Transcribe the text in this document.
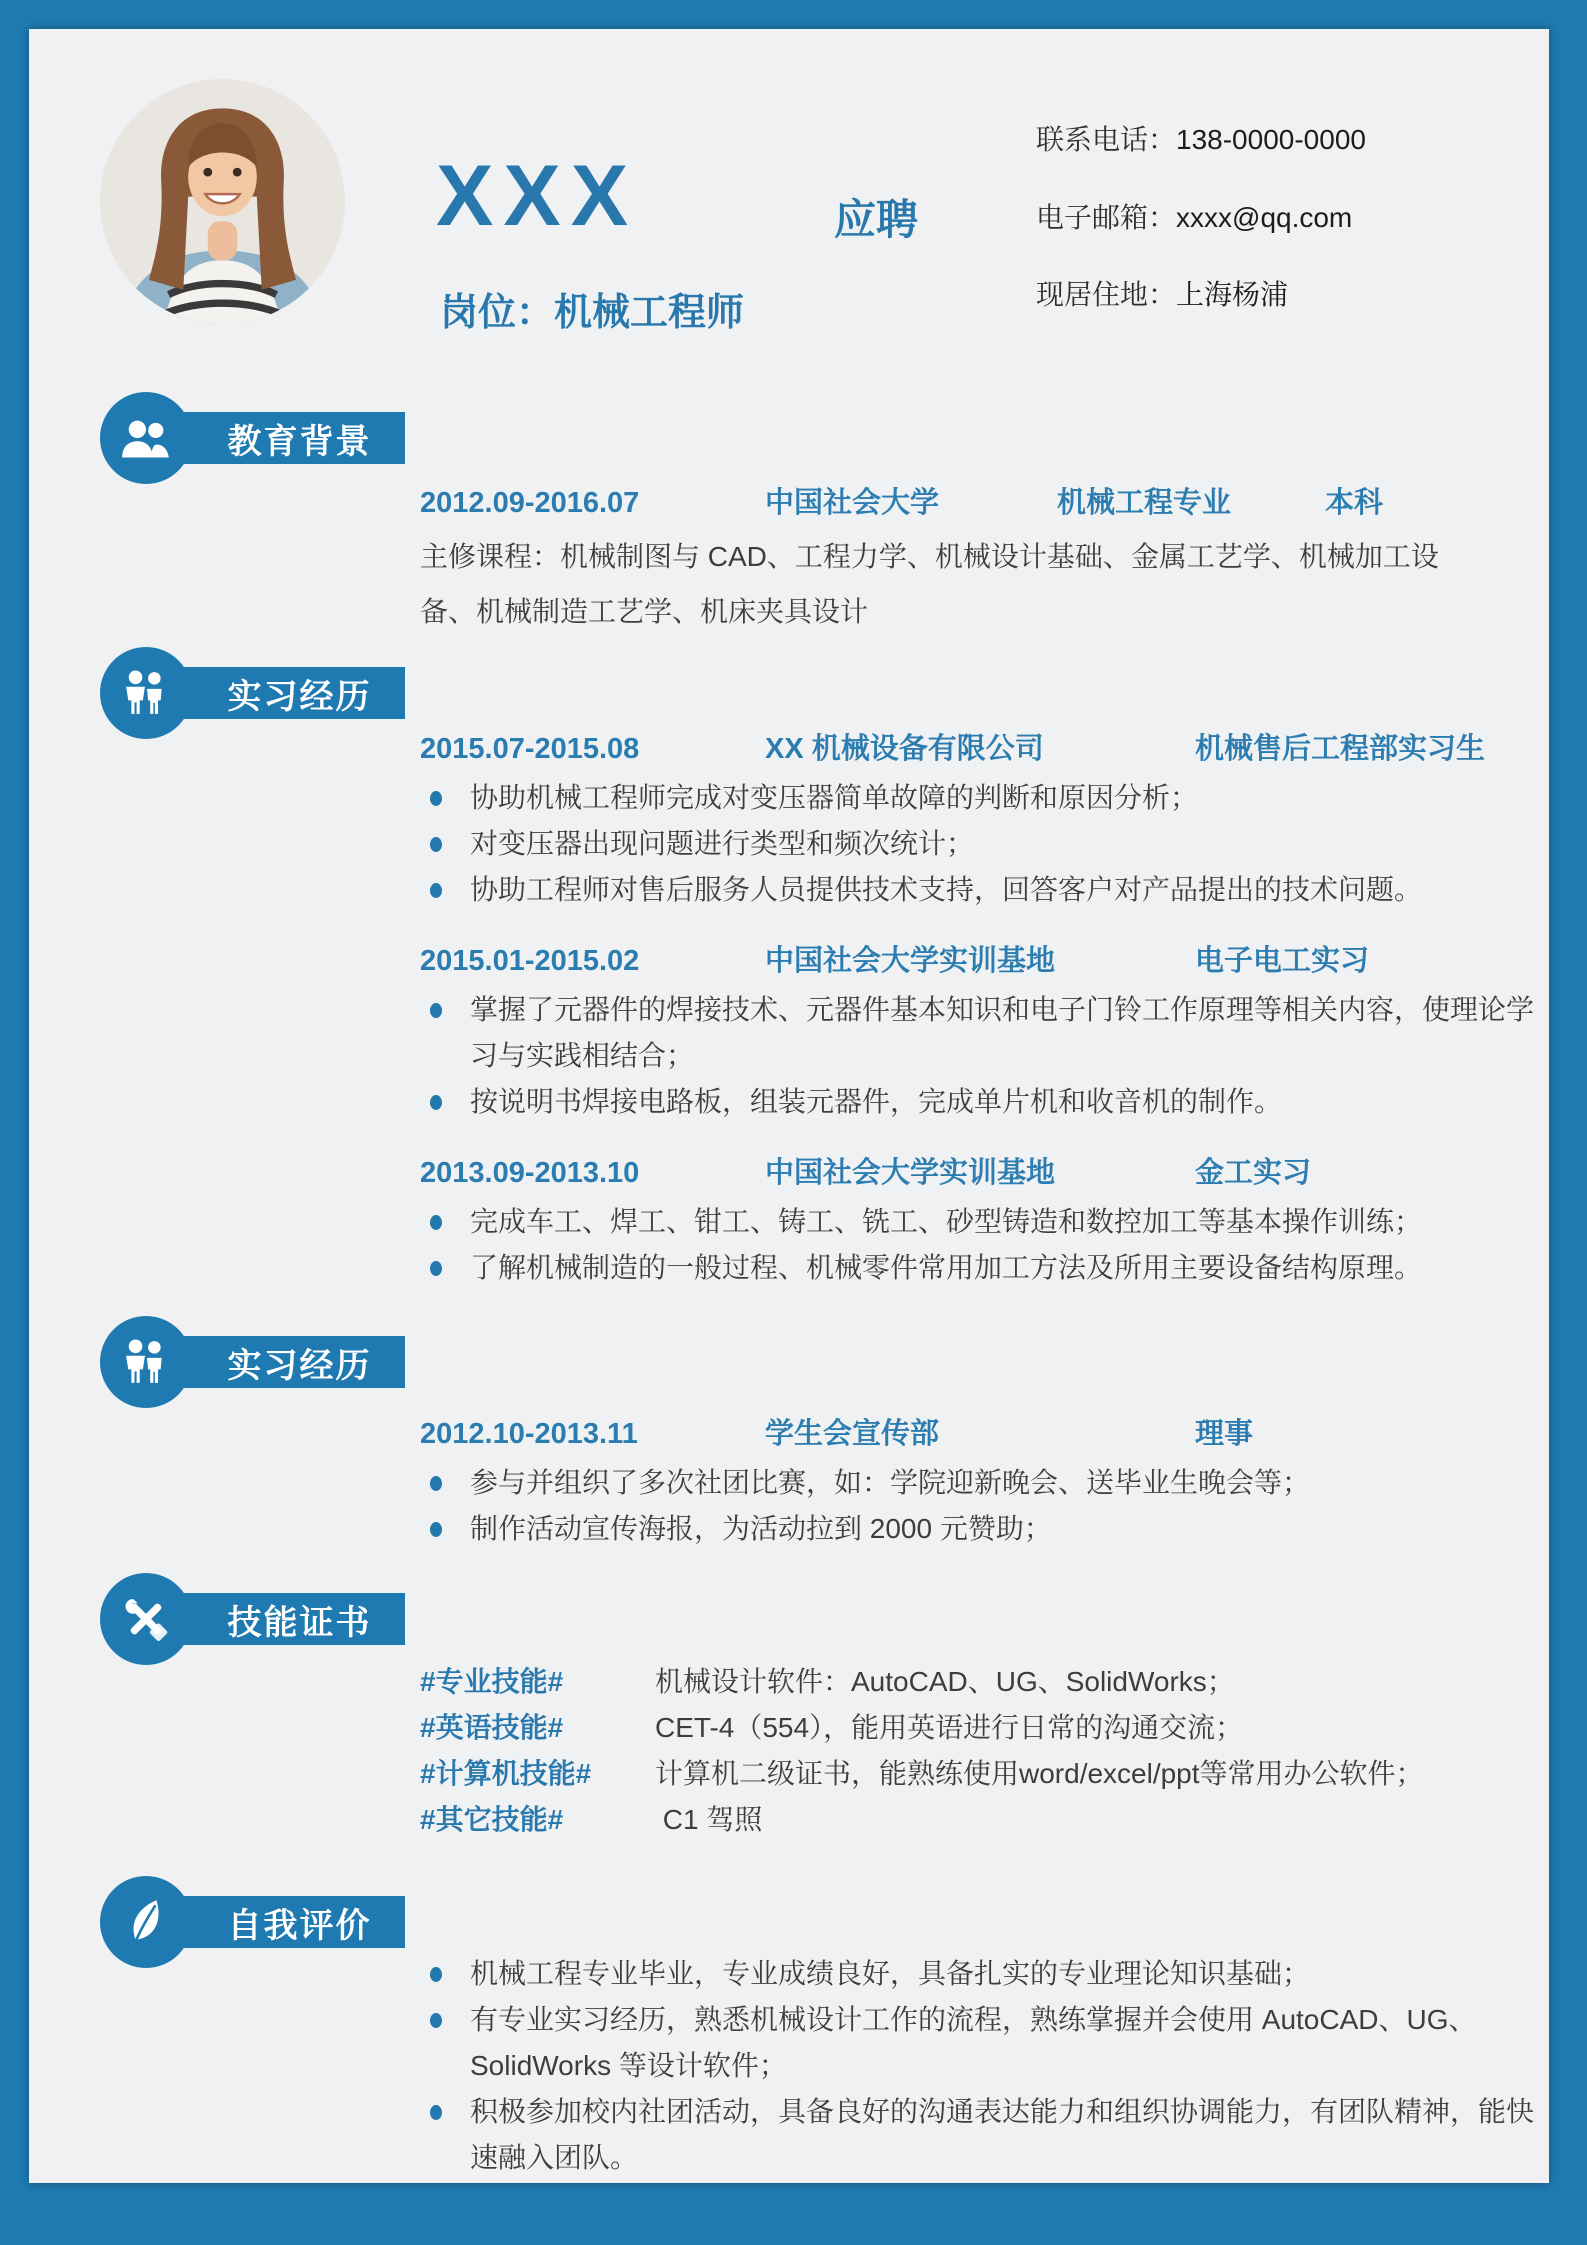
XXX	应聘
岗位：机械工程师
联系电话：138-0000-0000
电子邮箱：xxxx@qq.com
现居住地：上海杨浦
教育背景
2012.09-2016.07	中国社会大学	机械工程专业	本科

主修课程：机械制图与 CAD、工程力学、机械设计基础、金属工艺学、机械加工设备、机械制造工艺学、机床夹具设计

实习经历
2015.07-2015.08	XX 机械设备有限公司	机械售后工程部实习生
协助机械工程师完成对变压器简单故障的判断和原因分析；
对变压器出现问题进行类型和频次统计；
协助工程师对售后服务人员提供技术支持，回答客户对产品提出的技术问题。
2015.01-2015.02	中国社会大学实训基地	电子电工实习
掌握了元器件的焊接技术、元器件基本知识和电子门铃工作原理等相关内容，使理论学习与实践相结合；
按说明书焊接电路板，组装元器件，完成单片机和收音机的制作。
2013.09-2013.10	中国社会大学实训基地	金工实习
完成车工、焊工、钳工、铸工、铣工、砂型铸造和数控加工等基本操作训练；
了解机械制造的一般过程、机械零件常用加工方法及所用主要设备结构原理。
实习经历
2012.10-2013.11	学生会宣传部	理事
参与并组织了多次社团比赛，如：学院迎新晚会、送毕业生晚会等；
制作活动宣传海报，为活动拉到 2000 元赞助；
技能证书
#专业技能#	机械设计软件：AutoCAD、UG、SolidWorks；
#英语技能#	CET-4（554），能用英语进行日常的沟通交流；
#计算机技能#	计算机二级证书，能熟练使用word/excel/ppt等常用办公软件；
#其它技能#	C1 驾照
自我评价
机械工程专业毕业，专业成绩良好，具备扎实的专业理论知识基础；
有专业实习经历，熟悉机械设计工作的流程，熟练掌握并会使用 AutoCAD、UG、SolidWorks 等设计软件；
积极参加校内社团活动，具备良好的沟通表达能力和组织协调能力，有团队精神，能快速融入团队。
